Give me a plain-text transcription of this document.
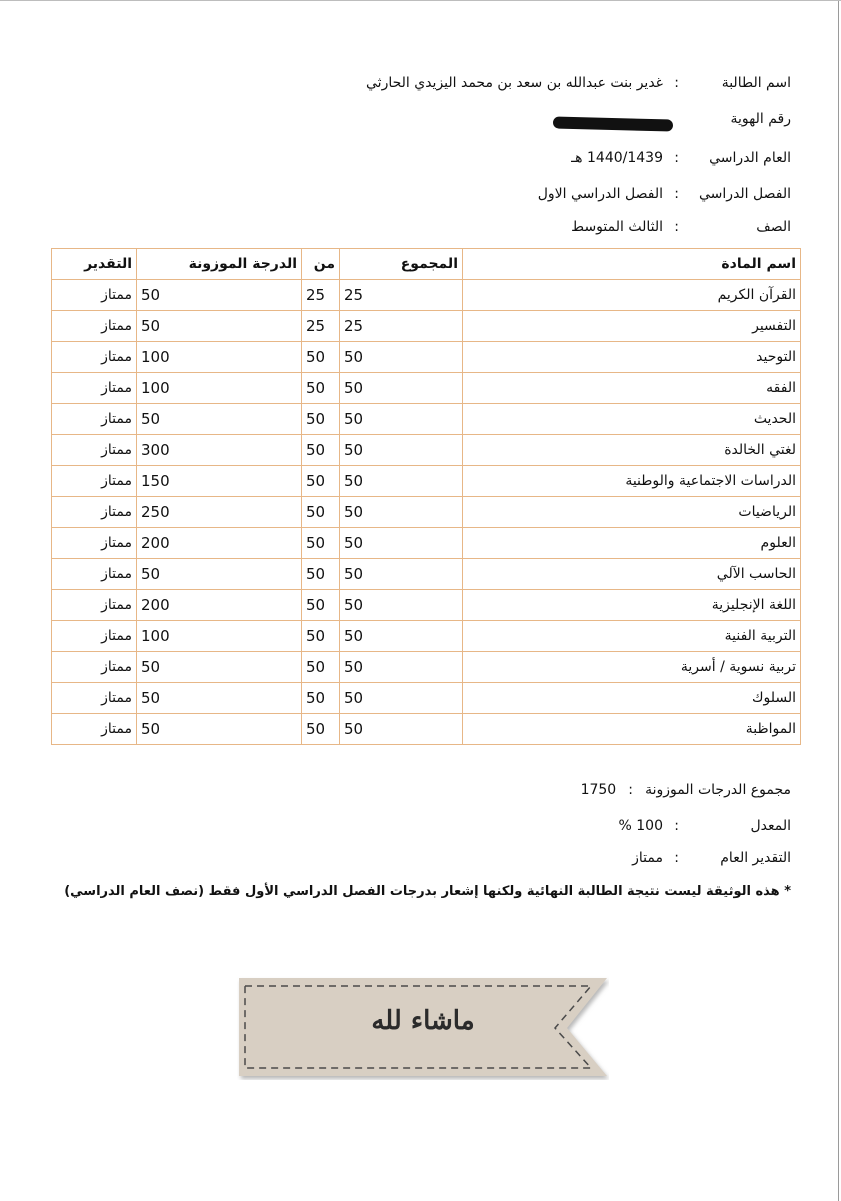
اسم الطالبة:غدير بنت عبدالله بن سعد بن محمد اليزيدي الحارثي
رقم الهوية
العام الدراسي:1440/1439 هـ
الفصل الدراسي:الفصل الدراسي الاول
الصف:الثالث المتوسط
اسم المادة	المجموع	من	الدرجة الموزونة	التقدير
القرآن الكريم	25	25	50	ممتاز
التفسير	25	25	50	ممتاز
التوحيد	50	50	100	ممتاز
الفقه	50	50	100	ممتاز
الحديث	50	50	50	ممتاز
لغتي الخالدة	50	50	300	ممتاز
الدراسات الاجتماعية والوطنية	50	50	150	ممتاز
الرياضيات	50	50	250	ممتاز
العلوم	50	50	200	ممتاز
الحاسب الآلي	50	50	50	ممتاز
اللغة الإنجليزية	50	50	200	ممتاز
التربية الفنية	50	50	100	ممتاز
تربية نسوية / أسرية	50	50	50	ممتاز
السلوك	50	50	50	ممتاز
المواظبة	50	50	50	ممتاز
مجموع الدرجات الموزونة : 1750
المعدل:100 %
التقدير العام:ممتاز
* هذه الوثيقة ليست نتيجة الطالبة النهائية ولكنها إشعار بدرجات الفصل الدراسي الأول فقط (نصف العام الدراسي)
ماشاء لله
